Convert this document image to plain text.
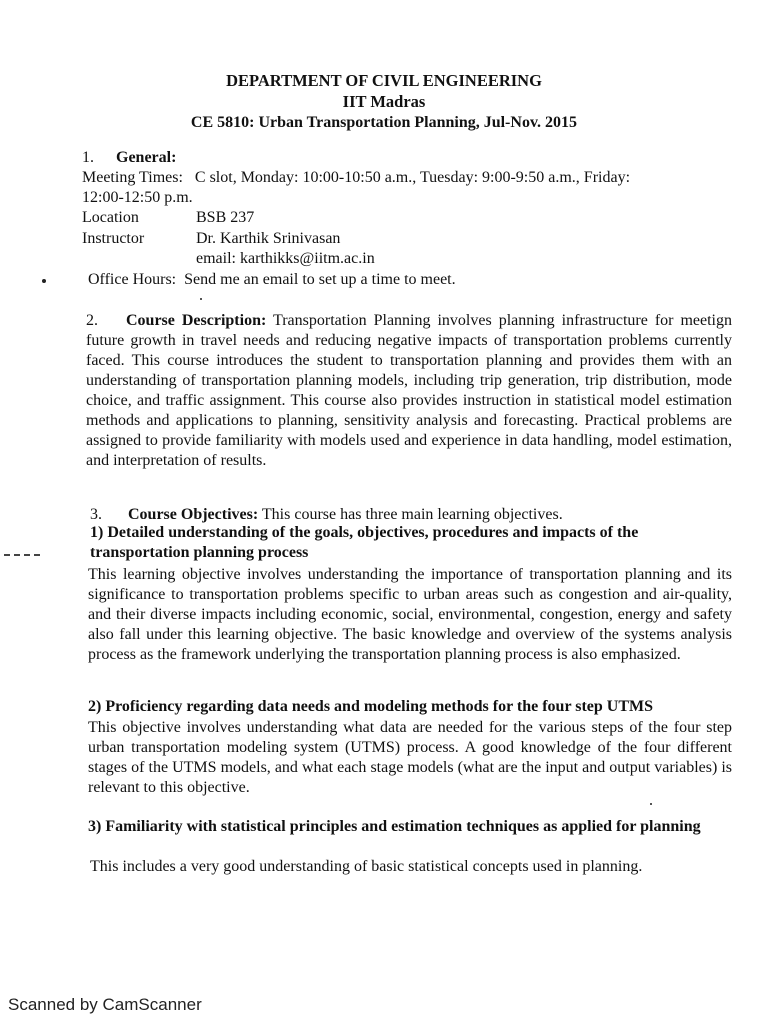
DEPARTMENT OF CIVIL ENGINEERING
IIT Madras
CE 5810: Urban Transportation Planning, Jul-Nov. 2015
1. General:
Meeting Times: C slot, Monday: 10:00-10:50 a.m., Tuesday: 9:00-9:50 a.m., Friday:
12:00-12:50 p.m.
Location	BSB 237
Instructor	Dr. Karthik Srinivasan
email: karthikks@iitm.ac.in
Office Hours: Send me an email to set up a time to meet.
2. Course Description: Transportation Planning involves planning infrastructure for meetign future growth in travel needs and reducing negative impacts of transportation problems currently faced. This course introduces the student to transportation planning and provides them with an understanding of transportation planning models, including trip generation, trip distribution, mode choice, and traffic assignment. This course also provides instruction in statistical model estimation methods and applications to planning, sensitivity analysis and forecasting. Practical problems are assigned to provide familiarity with models used and experience in data handling, model estimation, and interpretation of results.
3. Course Objectives: This course has three main learning objectives.
1) Detailed understanding of the goals, objectives, procedures and impacts of the transportation planning process
This learning objective involves understanding the importance of transportation planning and its significance to transportation problems specific to urban areas such as congestion and air-quality, and their diverse impacts including economic, social, environmental, congestion, energy and safety also fall under this learning objective. The basic knowledge and overview of the systems analysis process as the framework underlying the transportation planning process is also emphasized.
2) Proficiency regarding data needs and modeling methods for the four step UTMS
This objective involves understanding what data are needed for the various steps of the four step urban transportation modeling system (UTMS) process. A good knowledge of the four different stages of the UTMS models, and what each stage models (what are the input and output variables) is relevant to this objective.
3) Familiarity with statistical principles and estimation techniques as applied for planning
This includes a very good understanding of basic statistical concepts used in planning.
Scanned by CamScanner
